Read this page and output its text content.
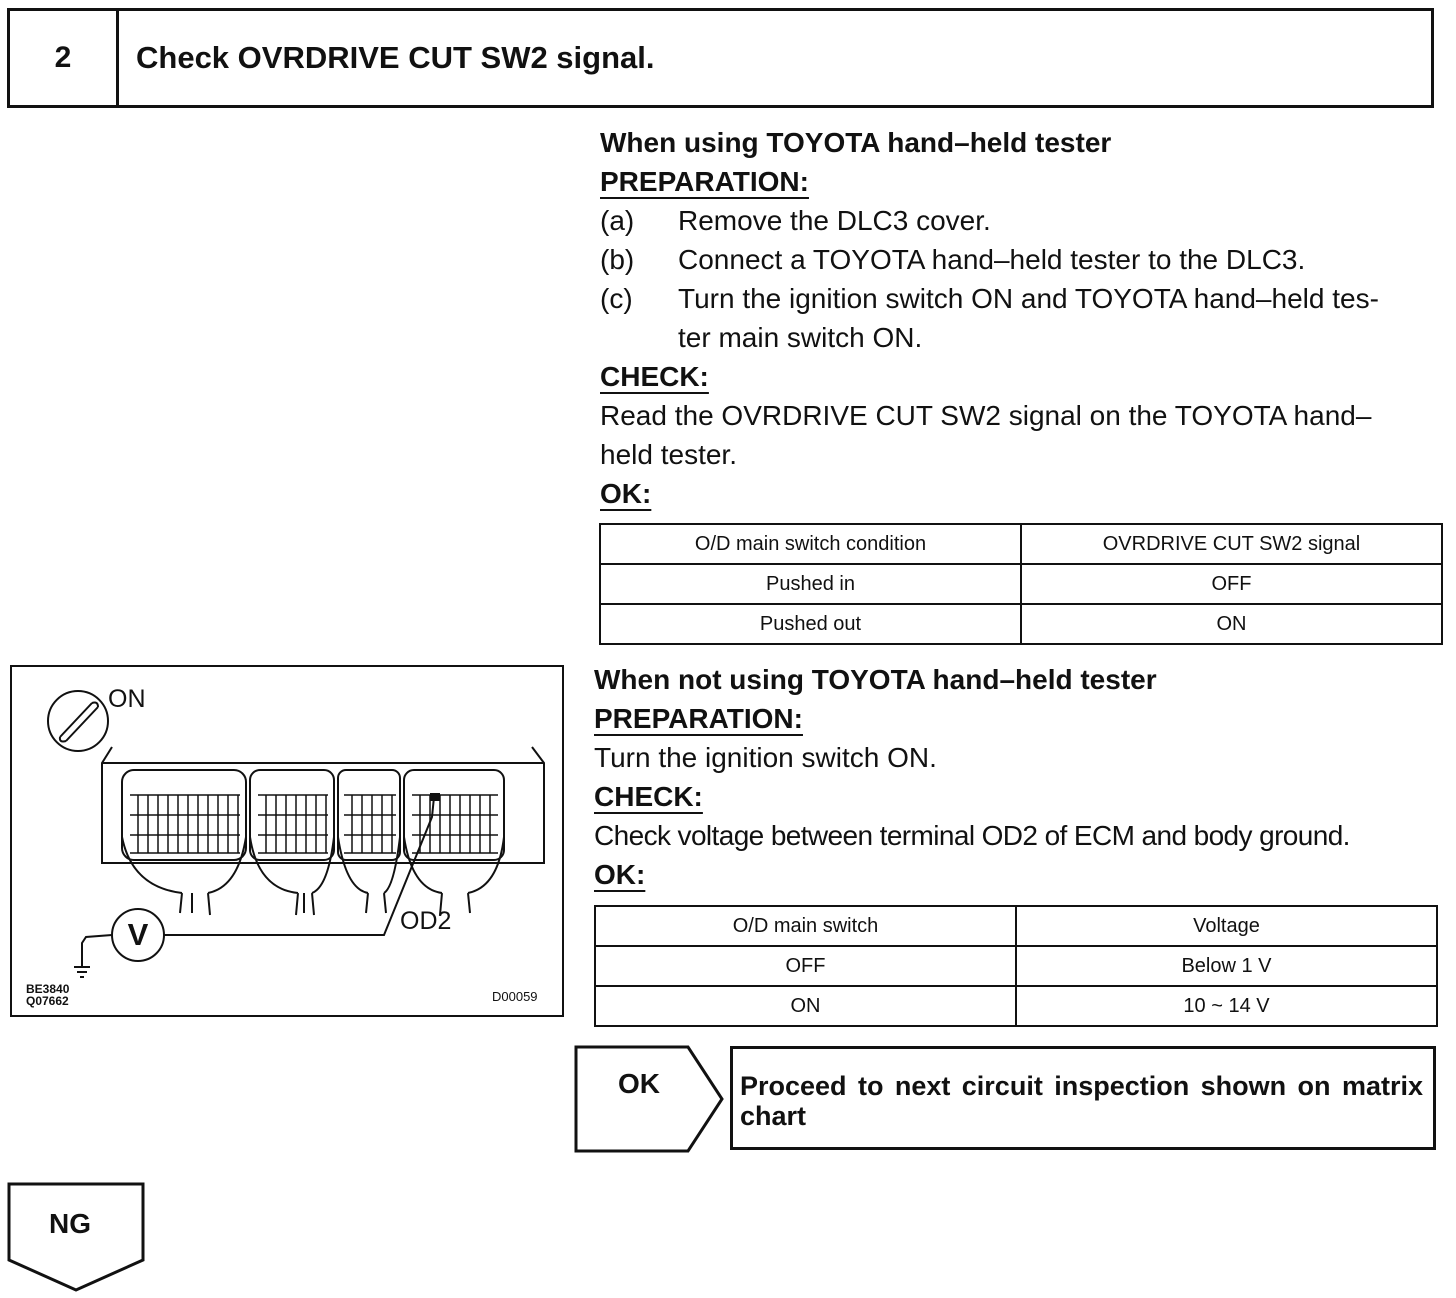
2	Check OVRDRIVE CUT SW2 signal.
When using TOYOTA hand–held tester
PREPARATION:
(a)	Remove the DLC3 cover.
(b)	Connect a TOYOTA hand–held tester to the DLC3.
(c)	Turn the ignition switch ON and TOYOTA hand–held tes-
ter main switch ON.
CHECK:
Read the OVRDRIVE CUT SW2 signal on the TOYOTA hand–
held tester.
OK:
O/D main switch condition	OVRDRIVE CUT SW2 signal
Pushed in	OFF
Pushed out	ON
ON
OD2
V
BE3840
Q07662	D00059
When not using TOYOTA hand–held tester
PREPARATION:
Turn the ignition switch ON.
CHECK:
Check voltage between terminal OD2 of ECM and body ground.
OK:
O/D main switch	Voltage
OFF	Below 1 V
ON	10 ~ 14 V
OK	Proceed to next circuit inspection shown on matrix chart
NG
